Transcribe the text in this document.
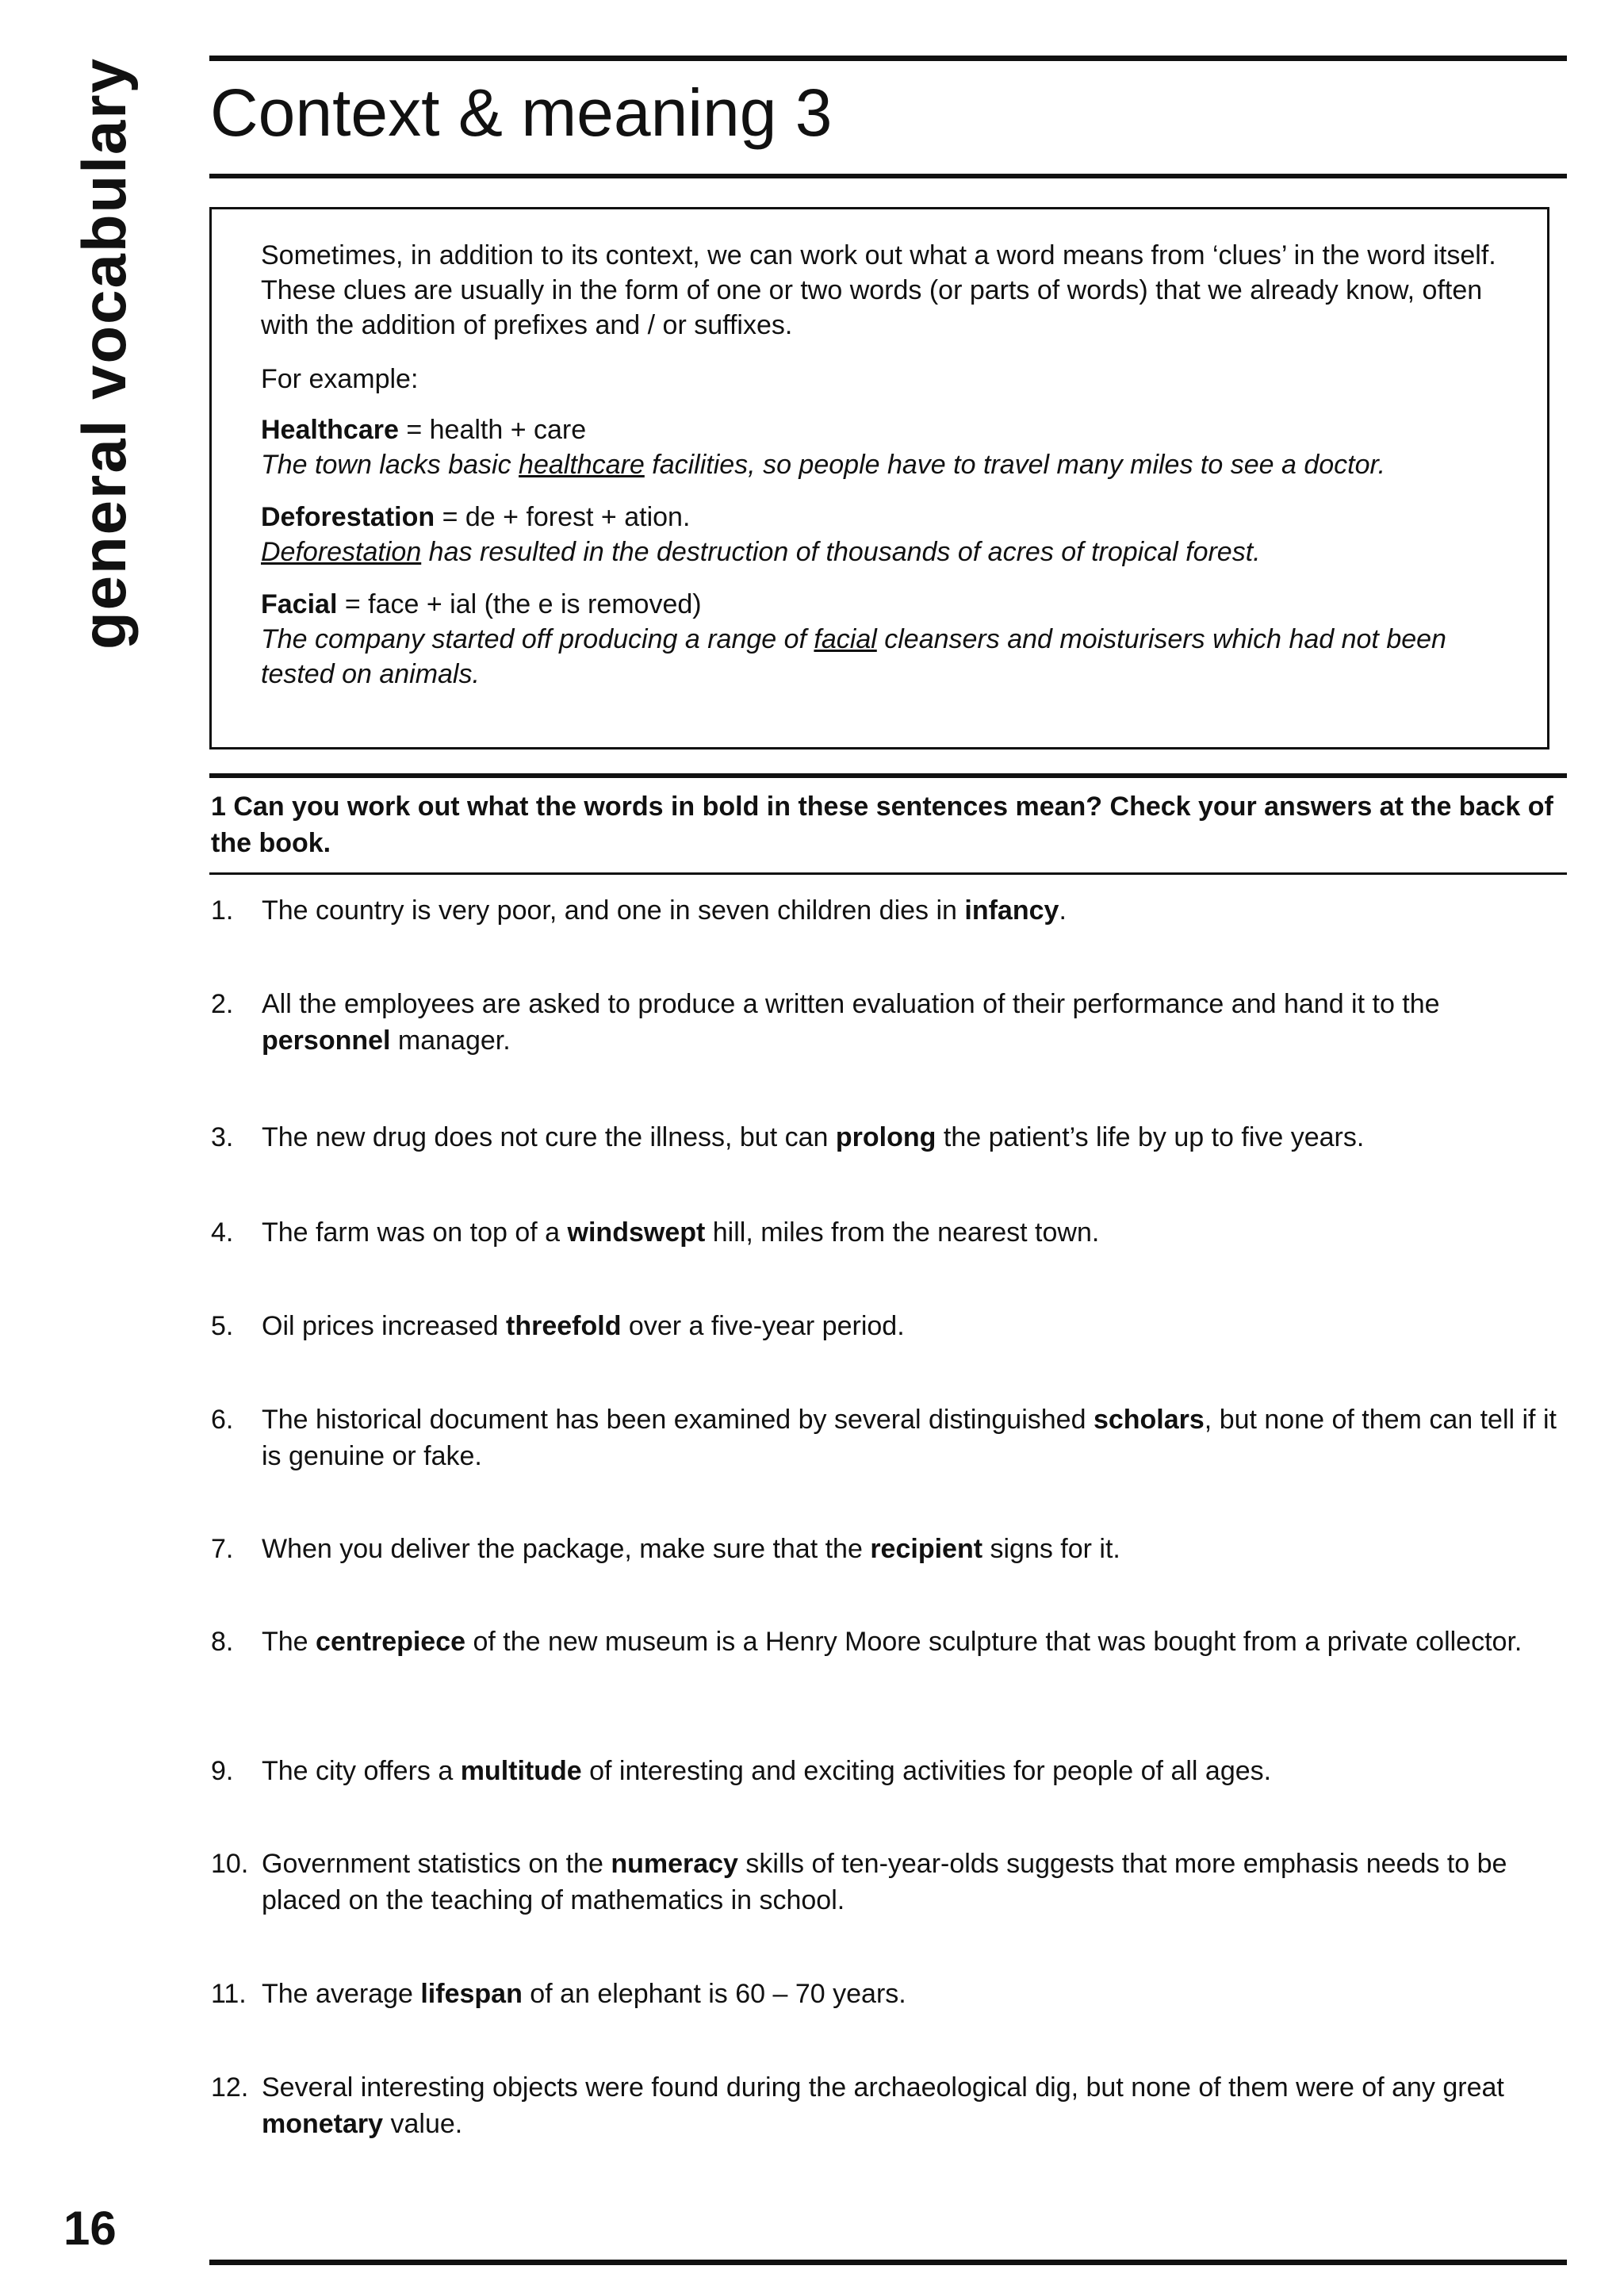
general vocabulary Context & meaning 3

Sometimes, in addition to its context, we can work out what a word means from ‘clues’ in the word itself. These clues are usually in the form of one or two words (or parts of words) that we already know, often with the addition of prefixes and / or suffixes.

For example:

Healthcare = health + care
The town lacks basic healthcare facilities, so people have to travel many miles to see a doctor.
Deforestation = de + forest + ation.
Deforestation has resulted in the destruction of thousands of acres of tropical forest.
Facial = face + ial (the e is removed)
The company started off producing a range of facial cleansers and moisturisers which had not been tested on animals.
1 Can you work out what the words in bold in these sentences mean? Check your answers at the back of the book.
1.	The country is very poor, and one in seven children dies in infancy.
2.	All the employees are asked to produce a written evaluation of their performance and hand it to the personnel manager.
3.	The new drug does not cure the illness, but can prolong the patient’s life by up to five years.
4.	The farm was on top of a windswept hill, miles from the nearest town.
5.	Oil prices increased threefold over a five-year period.
6.	The historical document has been examined by several distinguished scholars, but none of them can tell if it is genuine or fake.
7.	When you deliver the package, make sure that the recipient signs for it.
8.	The centrepiece of the new museum is a Henry Moore sculpture that was bought from a private collector.
9.	The city offers a multitude of interesting and exciting activities for people of all ages.
10. Government statistics on the numeracy skills of ten-year-olds suggests that more emphasis needs to be placed on the teaching of mathematics in school.
11. The average lifespan of an elephant is 60 – 70 years.
12. Several interesting objects were found during the archaeological dig, but none of them were of any great monetary value.
16
